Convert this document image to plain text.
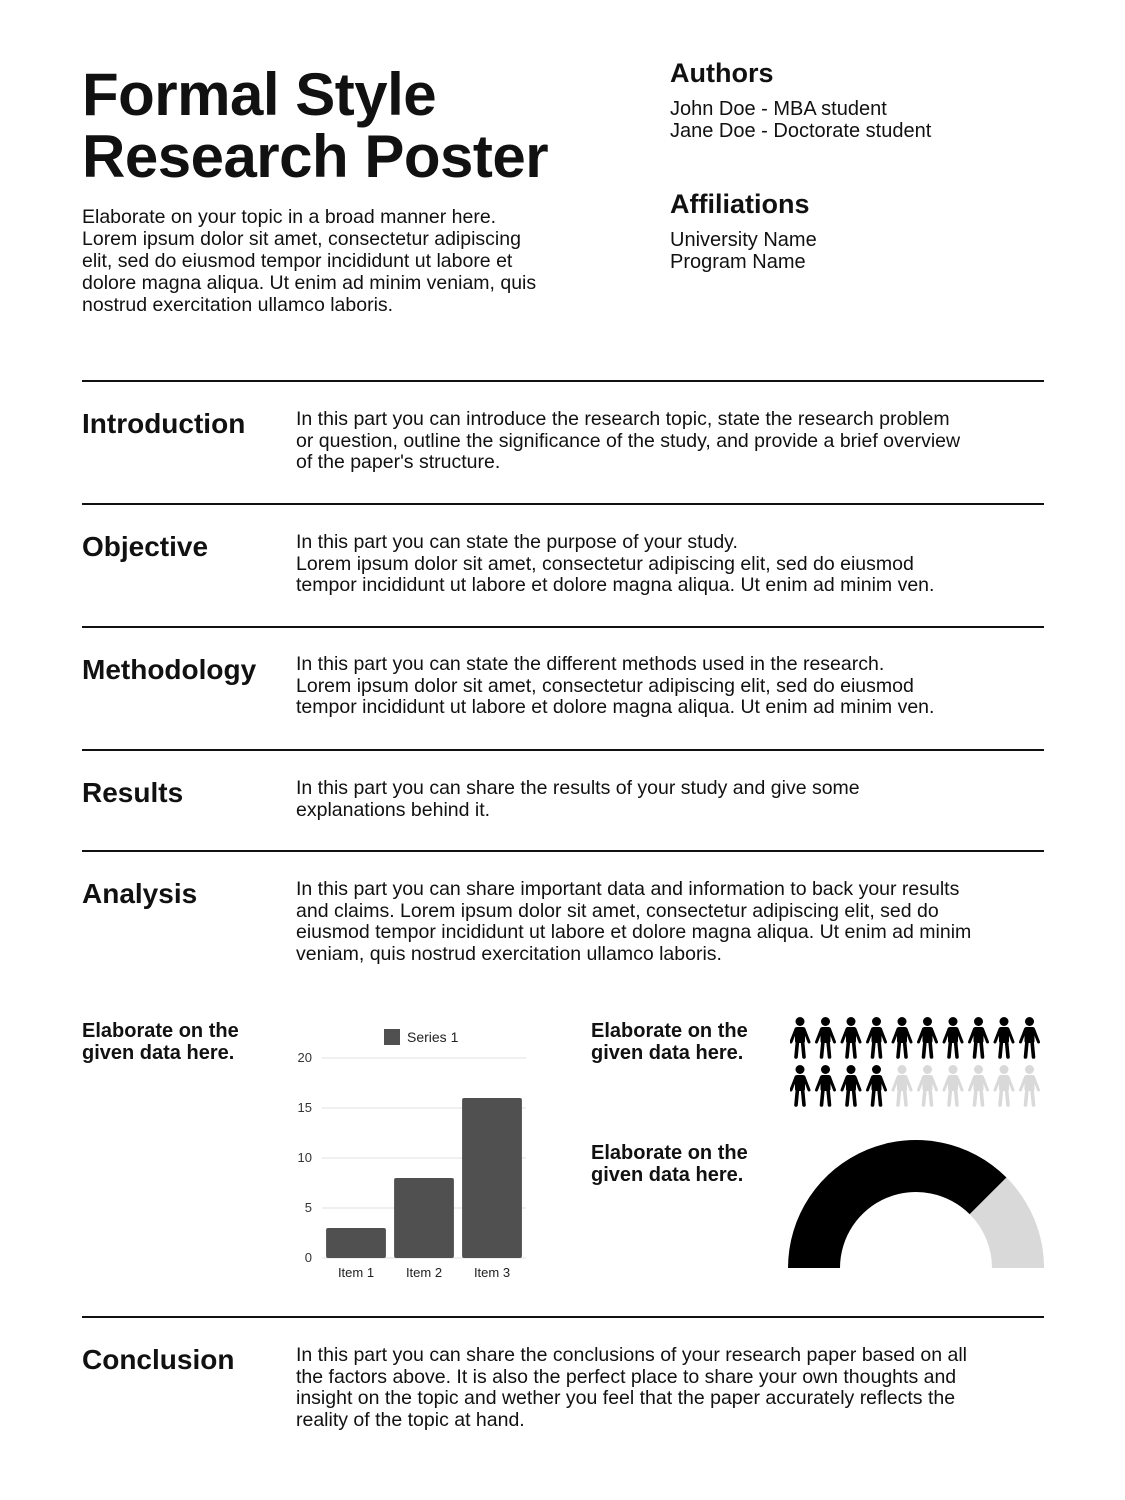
Formal Style
Research Poster

Elaborate on your topic in a broad manner here.
Lorem ipsum dolor sit amet, consectetur adipiscing
elit, sed do eiusmod tempor incididunt ut labore et
dolore magna aliqua. Ut enim ad minim veniam, quis
nostrud exercitation ullamco laboris.

Authors

John Doe - MBA student

Jane Doe - Doctorate student

Affiliations

University Name

Program Name

Introduction	In this part you can introduce the research topic, state the research problem
or question, outline the significance of the study, and provide a brief overview
of the paper's structure.

Objective	In this part you can state the purpose of your study.
Lorem ipsum dolor sit amet, consectetur adipiscing elit, sed do eiusmod
tempor incididunt ut labore et dolore magna aliqua. Ut enim ad minim ven.

Methodology In this part you can state the different methods used in the research.
Lorem ipsum dolor sit amet, consectetur adipiscing elit, sed do eiusmod
tempor incididunt ut labore et dolore magna aliqua. Ut enim ad minim ven.

Results	In this part you can share the results of your study and give some
explanations behind it.

Analysis	In this part you can share important data and information to back your results
and claims. Lorem ipsum dolor sit amet, consectetur adipiscing elit, sed do
eiusmod tempor incididunt ut labore et dolore magna aliqua. Ut enim ad minim
veniam, quis nostrud exercitation ullamco laboris.

Elaborate on the
given data here.

Elaborate on the
given data here.

Elaborate on the
given data here.

0
5
10
15
20
Item 1 Item 2 Item 3
Series 1
Conclusion	In this part you can share the conclusions of your research paper based on all
the factors above. It is also the perfect place to share your own thoughts and
insight on the topic and wether you feel that the paper accurately reflects the
reality of the topic at hand.
